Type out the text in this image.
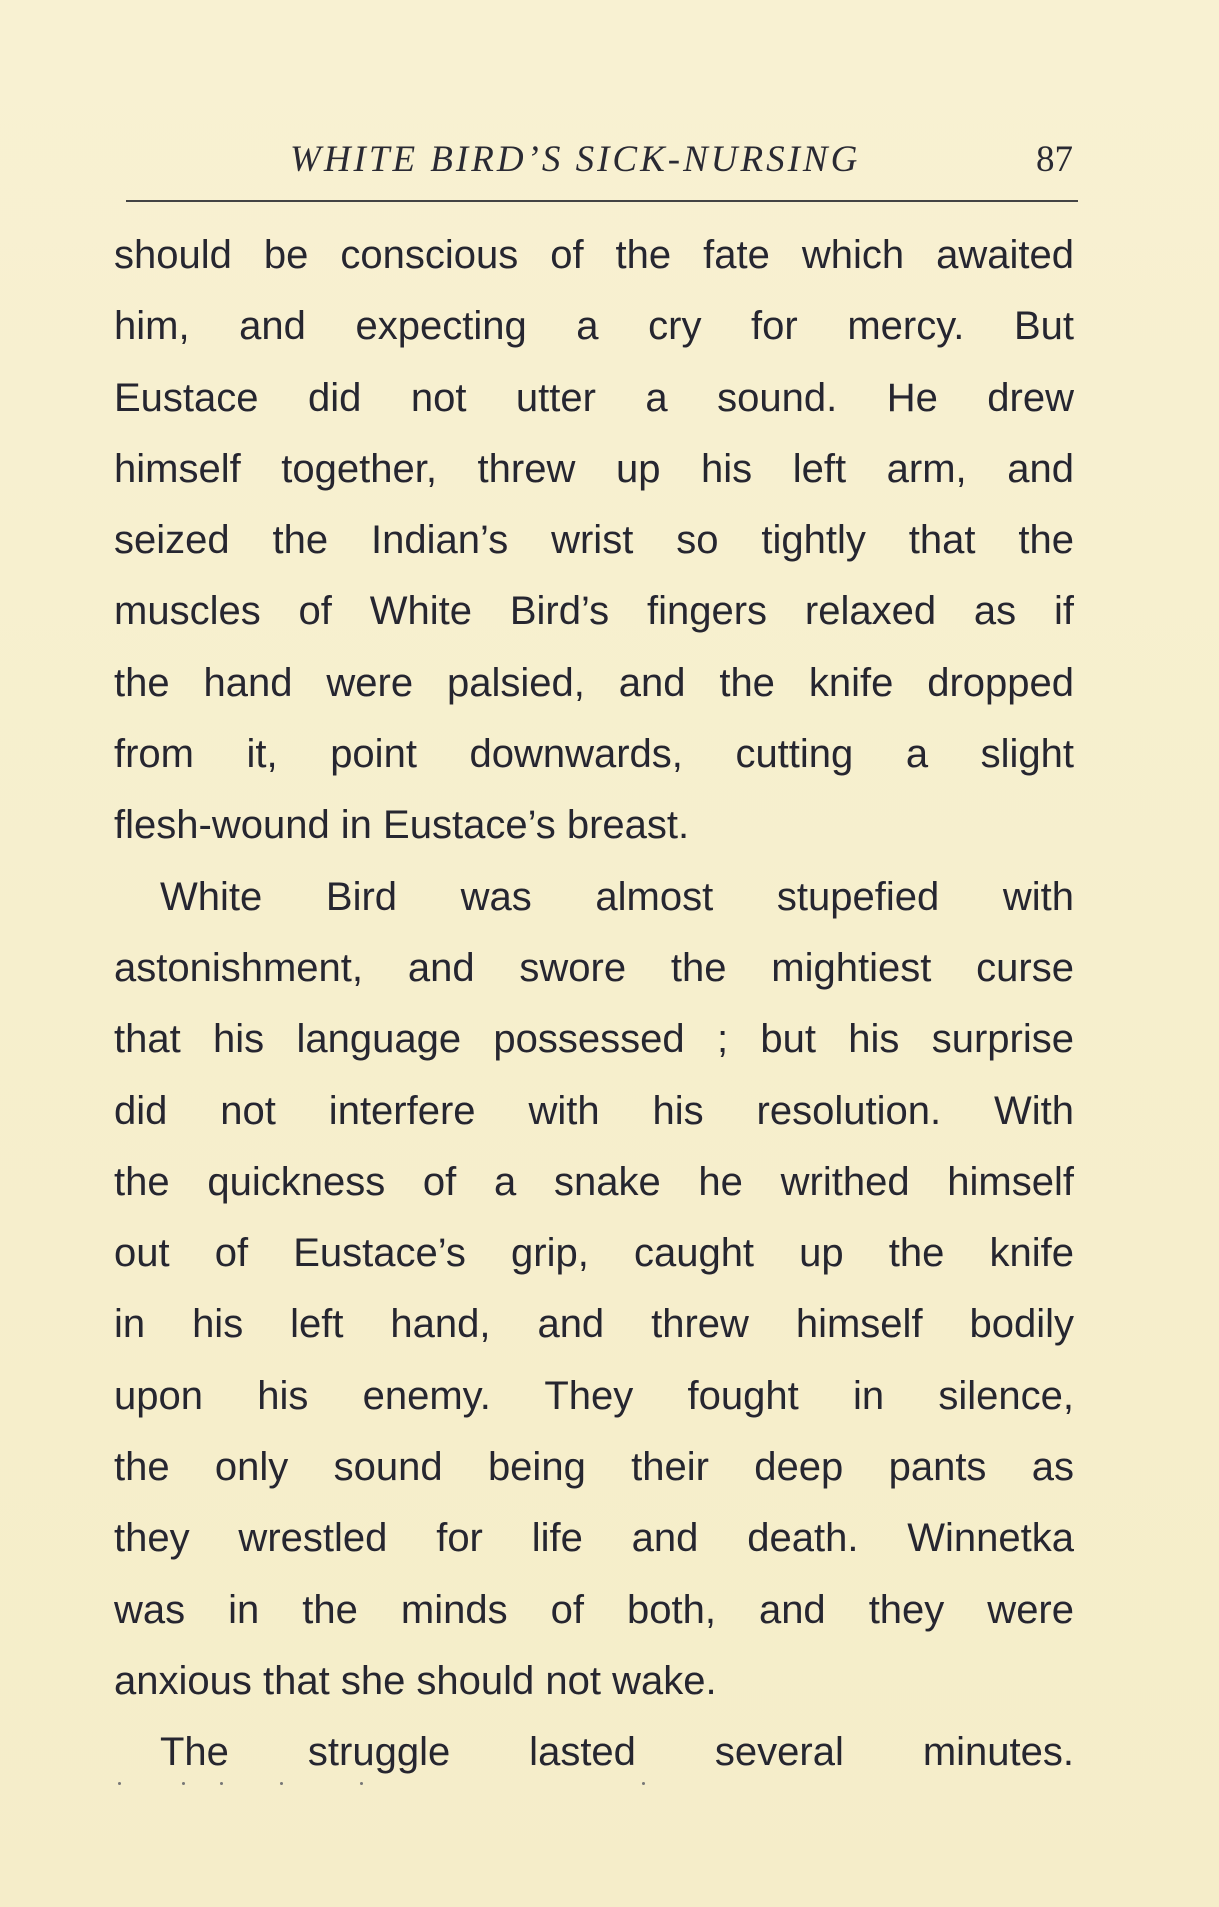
WHITE BIRD’S SICK-NURSING	87
should be conscious of the fate which awaited
him, and expecting a cry for mercy. But
Eustace did not utter a sound. He drew
himself together, threw up his left arm, and
seized the Indian’s wrist so tightly that the
muscles of White Bird’s fingers relaxed as if
the hand were palsied, and the knife dropped
from it, point downwards, cutting a slight
flesh-wound in Eustace’s breast.
White Bird was almost stupefied with
astonishment, and swore the mightiest curse
that his language possessed ; but his surprise
did not interfere with his resolution. With
the quickness of a snake he writhed himself
out of Eustace’s grip, caught up the knife
in his left hand, and threw himself bodily
upon his enemy. They fought in silence,
the only sound being their deep pants as
they wrestled for life and death. Winnetka
was in the minds of both, and they were
anxious that she should not wake.
The struggle lasted several minutes.
